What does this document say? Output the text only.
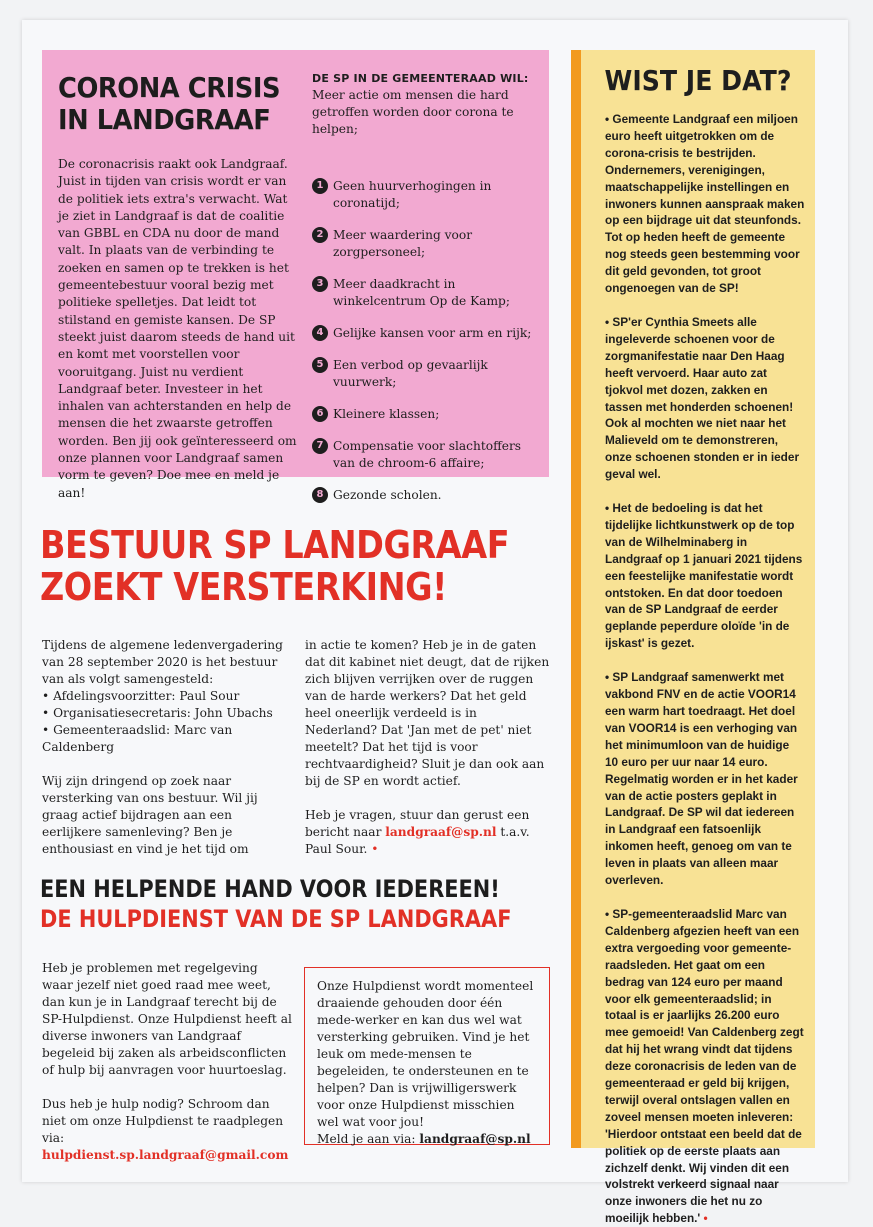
CORONA CRISIS
IN LANDGRAAF

De coronacrisis raakt ook Landgraaf. Juist in tijden van crisis wordt er van de politiek iets extra's verwacht. Wat je ziet in Landgraaf is dat de coalitie van GBBL en CDA nu door de mand valt. In plaats van de verbinding te zoeken en samen op te trekken is het gemeentebestuur vooral bezig met politieke spelletjes. Dat leidt tot stilstand en gemiste kansen. De SP steekt juist daarom steeds de hand uit en komt met voorstellen voor vooruitgang. Juist nu verdient Landgraaf beter. Investeer in het inhalen van achterstanden en help de mensen die het zwaarste getroffen worden. Ben jij ook geïnteresseerd om onze plannen voor Landgraaf samen vorm te geven? Doe mee en meld je aan!

DE SP IN DE GEMEENTERAAD WIL:

Meer actie om mensen die hard getroffen worden door corona te helpen;

1 Geen huurverhogingen in coronatijd;
2 Meer waardering voor zorgpersoneel;
3 Meer daadkracht in winkelcentrum Op de Kamp;
4 Gelijke kansen voor arm en rijk;
5 Een verbod op gevaarlijk vuurwerk;
6 Kleinere klassen;
7 Compensatie voor slachtoffers van de chroom-6 affaire;
8 Gezonde scholen.
WIST JE DAT?

• Gemeente Landgraaf een miljoen euro heeft uitgetrokken om de corona-crisis te bestrijden. Ondernemers, verenigingen, maatschappelijke instellingen en inwoners kunnen aanspraak maken op een bijdrage uit dat steunfonds. Tot op heden heeft de gemeente nog steeds geen bestemming voor dit geld gevonden, tot groot ongenoegen van de SP!

• SP'er Cynthia Smeets alle ingeleverde schoenen voor de zorgmanifestatie naar Den Haag heeft vervoerd. Haar auto zat tjokvol met dozen, zakken en tassen met honderden schoenen! Ook al mochten we niet naar het Malieveld om te demonstreren, onze schoenen stonden er in ieder geval wel.

• Het de bedoeling is dat het tijdelijke lichtkunstwerk op de top van de Wilhelminaberg in Landgraaf op 1 januari 2021 tijdens een feestelijke manifestatie wordt ontstoken. En dat door toedoen van de SP Landgraaf de eerder geplande peperdure oloïde 'in de ijskast' is gezet.

• SP Landgraaf samenwerkt met vakbond FNV en de actie VOOR14 een warm hart toedraagt. Het doel van VOOR14 is een verhoging van het minimumloon van de huidige 10 euro per uur naar 14 euro. Regelmatig worden er in het kader van de actie posters geplakt in Landgraaf. De SP wil dat iedereen in Landgraaf een fatsoenlijk inkomen heeft, genoeg om van te leven in plaats van alleen maar overleven.

• SP-gemeenteraadslid Marc van Caldenberg afgezien heeft van een extra vergoeding voor gemeente-raadsleden. Het gaat om een bedrag van 124 euro per maand voor elk gemeenteraadslid; in totaal is er jaarlijks 26.200 euro mee gemoeid! Van Caldenberg zegt dat hij het wrang vindt dat tijdens deze coronacrisis de leden van de gemeenteraad er geld bij krijgen, terwijl overal ontslagen vallen en zoveel mensen moeten inleveren: 'Hierdoor ontstaat een beeld dat de politiek op de eerste plaats aan zichzelf denkt. Wij vinden dit een volstrekt verkeerd signaal naar onze inwoners die het nu zo moeilijk hebben.' •

BESTUUR SP LANDGRAAF
ZOEKT VERSTERKING!

Tijdens de algemene ledenvergadering van 28 september 2020 is het bestuur van als volgt samengesteld:
• Afdelingsvoorzitter: Paul Sour
• Organisatiesecretaris: John Ubachs
• Gemeenteraadslid: Marc van Caldenberg

Wij zijn dringend op zoek naar versterking van ons bestuur. Wil jij graag actief bijdragen aan een eerlijkere samenleving? Ben je enthousiast en vind je het tijd om

in actie te komen? Heb je in de gaten dat dit kabinet niet deugt, dat de rijken zich blijven verrijken over de ruggen van de harde werkers? Dat het geld heel oneerlijk verdeeld is in Nederland? Dat 'Jan met de pet' niet meetelt? Dat het tijd is voor rechtvaardigheid? Sluit je dan ook aan bij de SP en wordt actief.

Heb je vragen, stuur dan gerust een bericht naar landgraaf@sp.nl t.a.v. Paul Sour. •

EEN HELPENDE HAND VOOR IEDEREEN!
DE HULPDIENST VAN DE SP LANDGRAAF

Heb je problemen met regelgeving waar jezelf niet goed raad mee weet, dan kun je in Landgraaf terecht bij de SP-Hulpdienst. Onze Hulpdienst heeft al diverse inwoners van Landgraaf begeleid bij zaken als arbeidsconflicten of hulp bij aanvragen voor huurtoeslag.

Dus heb je hulp nodig? Schroom dan niet om onze Hulpdienst te raadplegen via:
hulpdienst.sp.landgraaf@gmail.com

Onze Hulpdienst wordt momenteel draaiende gehouden door één mede-werker en kan dus wel wat versterking gebruiken. Vind je het leuk om mede-mensen te begeleiden, te ondersteunen en te helpen? Dan is vrijwilligerswerk voor onze Hulpdienst misschien wel wat voor jou!

Meld je aan via: landgraaf@sp.nl
